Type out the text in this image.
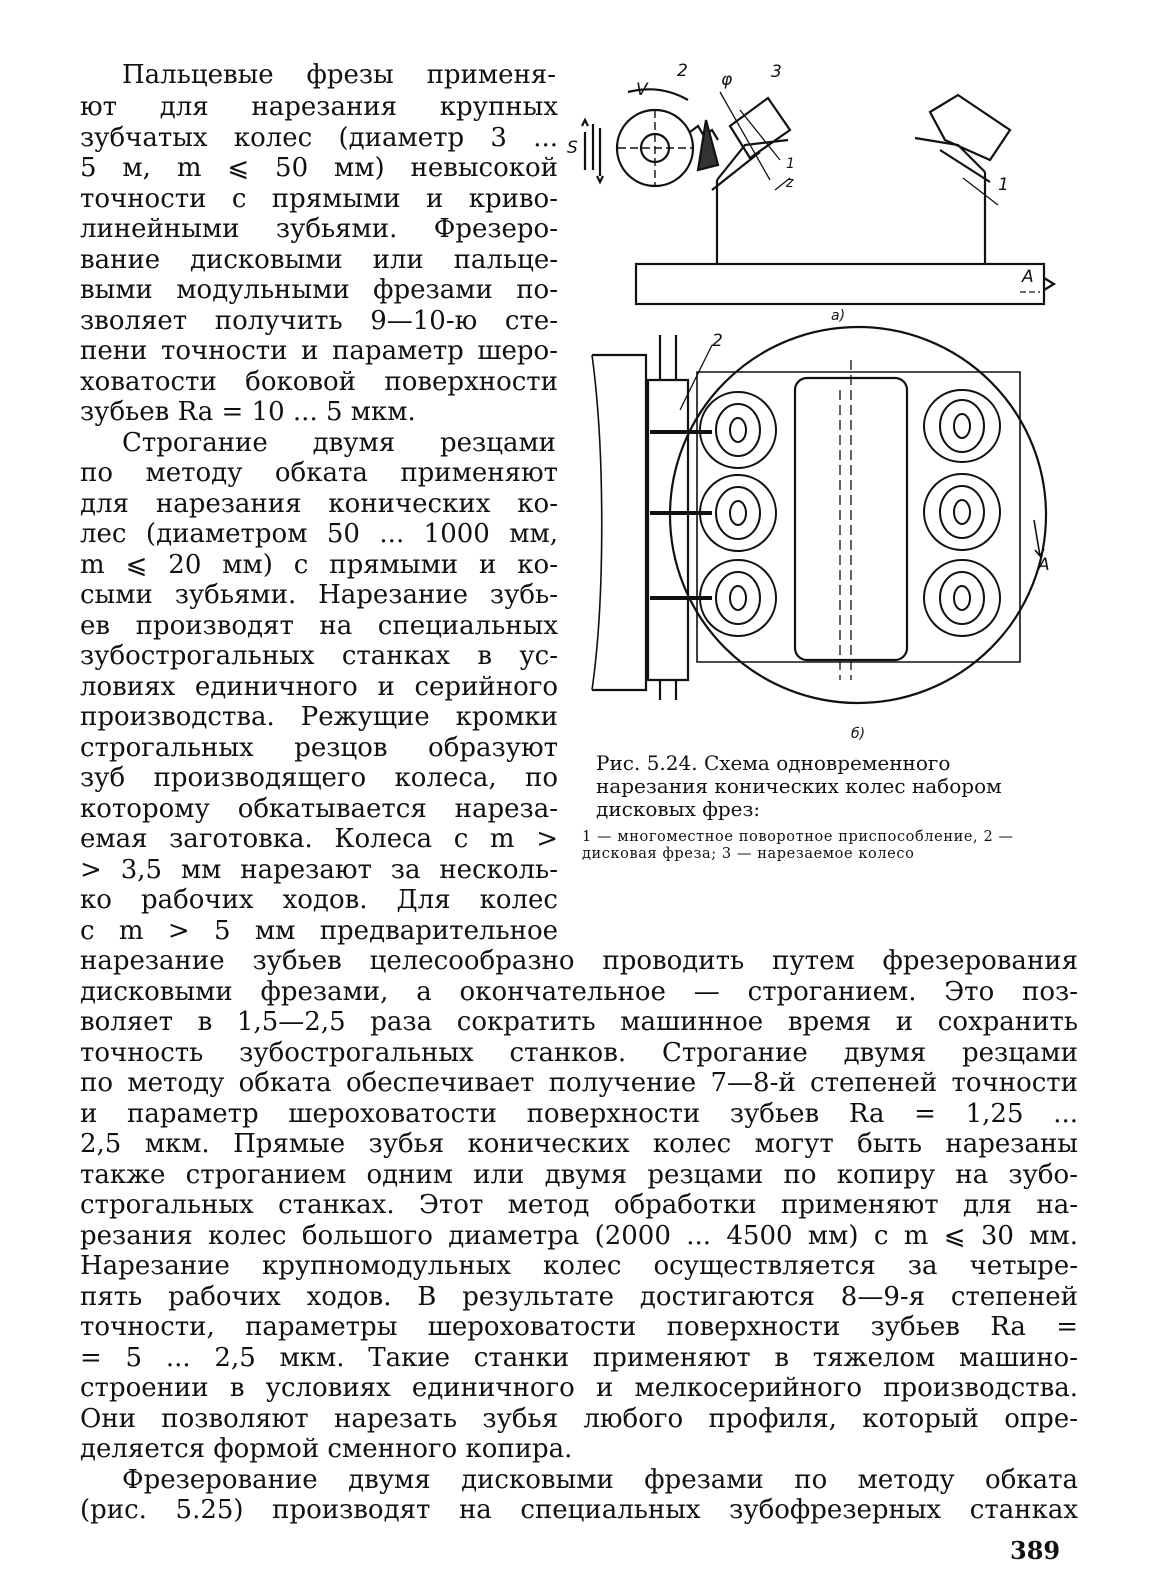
Пальцевые фрезы применя-

ют для нарезания крупных

зубчатых колес (диаметр 3 ...

5 м, m ⩽ 50 мм) невысокой

точности с прямыми и криво-

линейными зубьями. Фрезеро-

вание дисковыми или пальце-

выми модульными фрезами по-

зволяет получить 9—10-ю сте-

пени точности и параметр шеро-

ховатости боковой поверхности

зубьев Ra = 10 ... 5 мкм.

Строгание двумя резцами

по методу обката применяют

для нарезания конических ко-

лес (диаметром 50 ... 1000 мм,

m ⩽ 20 мм) с прямыми и ко-

сыми зубьями. Нарезание зубь-

ев производят на специальных

зубострогальных станках в ус-

ловиях единичного и серийного

производства. Режущие кромки

строгальных резцов образуют

зуб производящего колеса, по

которому обкатывается нареза-

емая заготовка. Колеса с m >

> 3,5 мм нарезают за несколь-

ко рабочих ходов. Для колес

с m > 5 мм предварительное

нарезание зубьев целесообразно проводить путем фрезерования

дисковыми фрезами, а окончательное — строганием. Это поз-

воляет в 1,5—2,5 раза сократить машинное время и сохранить

точность зубострогальных станков. Строгание двумя резцами

по методу обката обеспечивает получение 7—8-й степеней точности

и параметр шероховатости поверхности зубьев Ra = 1,25 ...

2,5 мкм. Прямые зубья конических колес могут быть нарезаны

также строганием одним или двумя резцами по копиру на зубо-

строгальных станках. Этот метод обработки применяют для на-

резания колес большого диаметра (2000 ... 4500 мм) с m ⩽ 30 мм.

Нарезание крупномодульных колес осуществляется за четыре-

пять рабочих ходов. В результате достигаются 8—9-я степеней

точности, параметры шероховатости поверхности зубьев Ra =

= 5 ... 2,5 мкм. Такие станки применяют в тяжелом машино-

строении в условиях единичного и мелкосерийного производства.

Они позволяют нарезать зубья любого профиля, который опре-

деляется формой сменного копира.

Фрезерование двумя дисковыми фрезами по методу обката

(рис. 5.25) производят на специальных зубофрезерных станках

V
2 φ 3
S
1
z	1
A
а)
2
A
б)

Рис. 5.24. Схема одновременного нарезания конических колес набором дисковых фрез:

1 — многоместное поворотное приспособление, 2 — дисковая фреза; 3 — нарезаемое колесо

389
